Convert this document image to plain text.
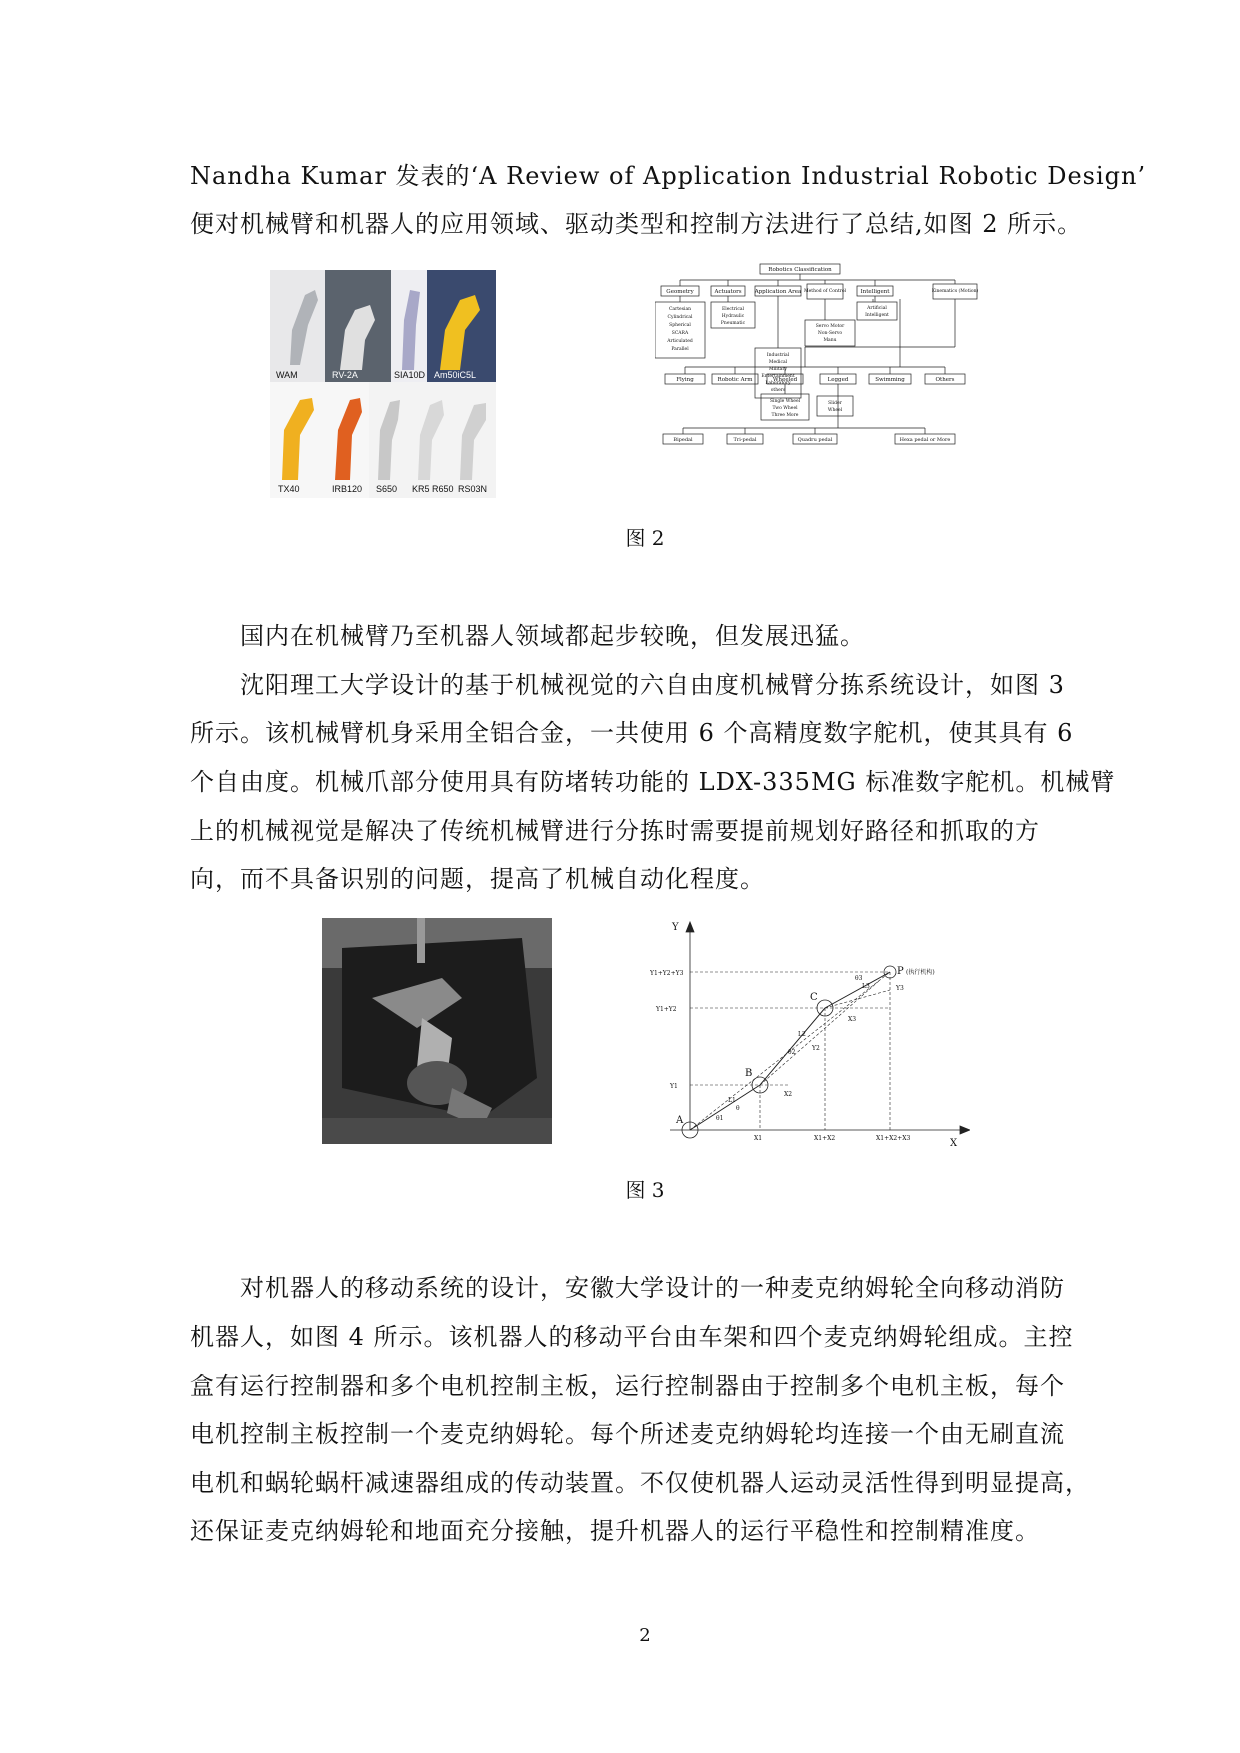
Nandha Kumar 发表的‘A Review of Application Industrial Robotic Design’

便对机械臂和机器人的应用领域、驱动类型和控制方法进行了总结,如图 2 所示。

WAM	RV-2A	SIA10D Am50iC5L
TX40	IRB120 S650 KR5 R650 RS03N
Robotics Classification
Geometry	Actuators Application Area Method of Control	Intelligent	Kinematics (Motion)
Cartesian
Cylindrical
Spherical
SCARA
Articulated
Parallel
Electrical
Hydraulic
Pneumatic
Industrial
Medical
Military
Entertainment
Laboratory
others
Servo Motor
Non-Servo
Manu
Artificial
Intelligent
Flying	Robotic Arm	Wheeled	Legged	Swimming	Others
Single Wheel
Two Wheel
Three More
Slider
Wheel
Bipedal	Tri-pedal	Quadru pedal	Hexa pedal or More

图 2

国内在机械臂乃至机器人领域都起步较晚，但发展迅猛。

沈阳理工大学设计的基于机械视觉的六自由度机械臂分拣系统设计，如图 3

所示。该机械臂机身采用全铝合金，一共使用 6 个高精度数字舵机，使其具有 6

个自由度。机械爪部分使用具有防堵转功能的 LDX-335MG 标准数字舵机。机械臂

上的机械视觉是解决了传统机械臂进行分拣时需要提前规划好路径和抓取的方

向，而不具备识别的问题，提高了机械自动化程度。

Y
X
Y1+Y2+Y3
Y1+Y2
Y1
X1	X1+X2	X1+X2+X3
A
B
C
P (执行机构)
L1
L2
L3
θ1
θ2
θ3
θ
Y2
X2
X3
Y3

图 3

对机器人的移动系统的设计，安徽大学设计的一种麦克纳姆轮全向移动消防

机器人，如图 4 所示。该机器人的移动平台由车架和四个麦克纳姆轮组成。主控

盒有运行控制器和多个电机控制主板，运行控制器由于控制多个电机主板，每个

电机控制主板控制一个麦克纳姆轮。每个所述麦克纳姆轮均连接一个由无刷直流

电机和蜗轮蜗杆减速器组成的传动装置。不仅使机器人运动灵活性得到明显提高，

还保证麦克纳姆轮和地面充分接触，提升机器人的运行平稳性和控制精准度。

2
